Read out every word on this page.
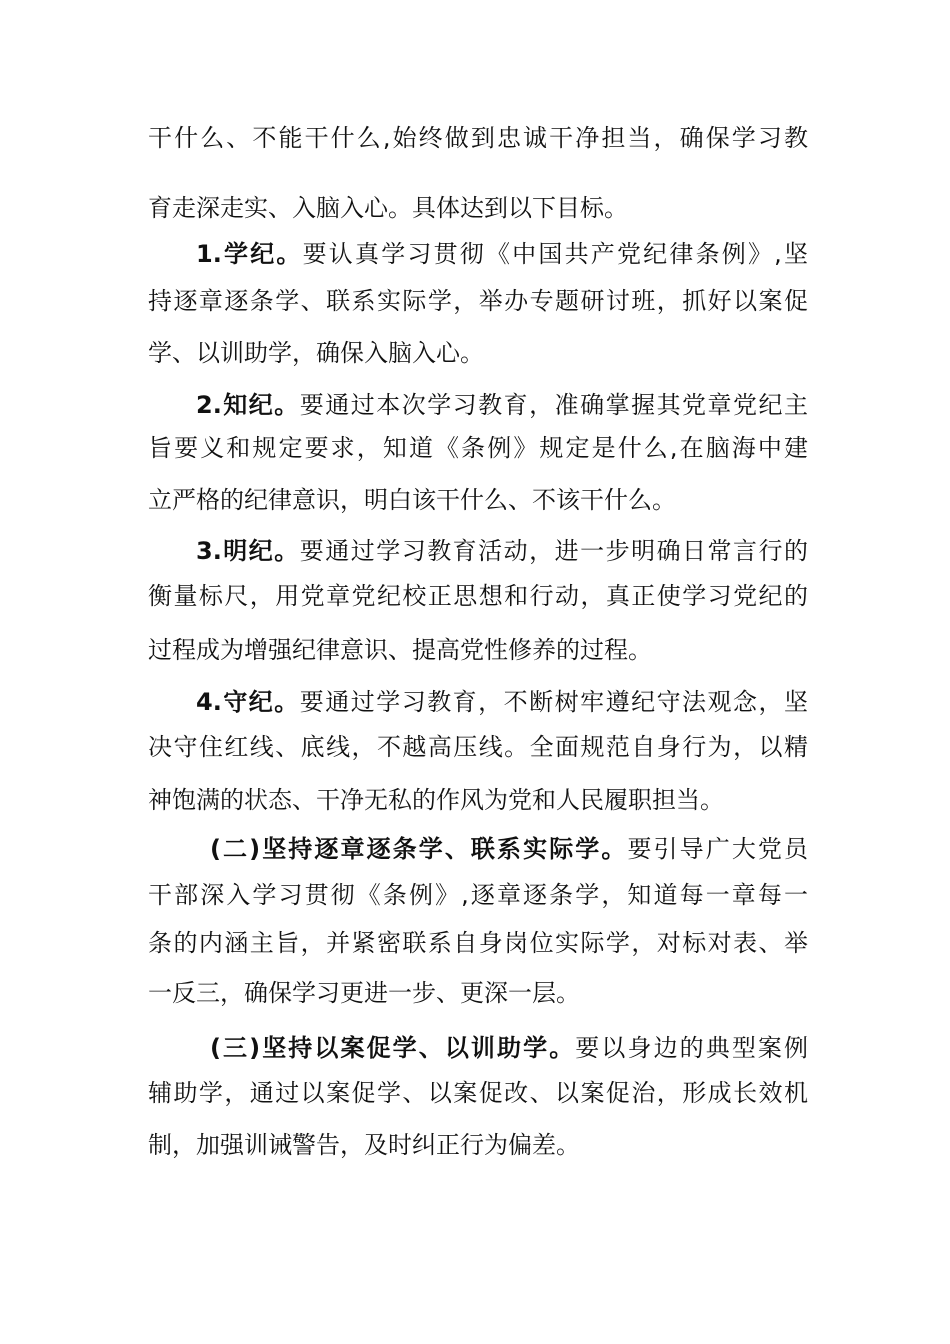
干什么、不能干什么,始终做到忠诚干净担当，确保学习教
育走深走实、入脑入心。具体达到以下目标。
1.学纪。要认真学习贯彻《中国共产党纪律条例》,坚
持逐章逐条学、联系实际学，举办专题研讨班，抓好以案促
学、以训助学，确保入脑入心。
2.知纪。要通过本次学习教育，准确掌握其党章党纪主
旨要义和规定要求，知道《条例》规定是什么,在脑海中建
立严格的纪律意识，明白该干什么、不该干什么。
3.明纪。要通过学习教育活动，进一步明确日常言行的
衡量标尺，用党章党纪校正思想和行动，真正使学习党纪的
过程成为增强纪律意识、提高党性修养的过程。
4.守纪。要通过学习教育，不断树牢遵纪守法观念，坚
决守住红线、底线，不越高压线。全面规范自身行为，以精
神饱满的状态、干净无私的作风为党和人民履职担当。
(二)坚持逐章逐条学、联系实际学。要引导广大党员
干部深入学习贯彻《条例》,逐章逐条学，知道每一章每一
条的内涵主旨，并紧密联系自身岗位实际学，对标对表、举
一反三，确保学习更进一步、更深一层。
(三)坚持以案促学、以训助学。要以身边的典型案例
辅助学，通过以案促学、以案促改、以案促治，形成长效机
制，加强训诫警告，及时纠正行为偏差。
